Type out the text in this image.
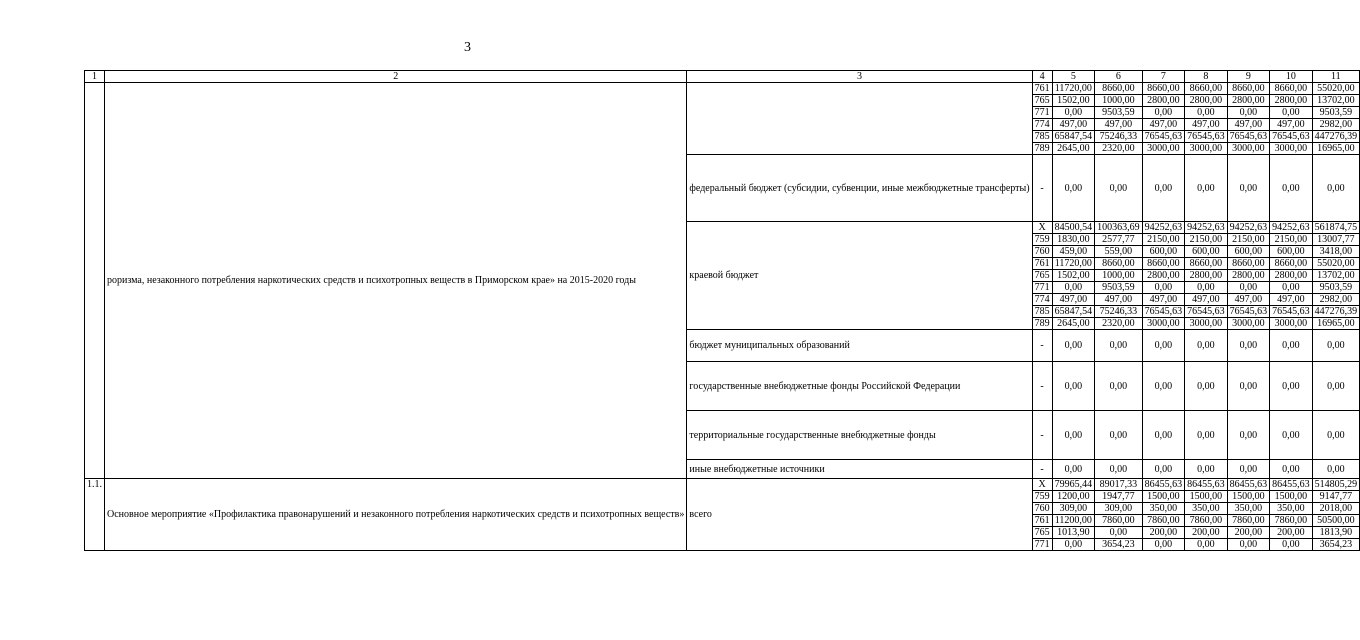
3
1	2	3	4	5	6	7	8	9	10	11
	роризма, незаконного потребления наркотических средств и психотропных веществ в Приморском крае» на 2015-2020 годы		761	11720,00	8660,00	8660,00	8660,00	8660,00	8660,00	55020,00
			765	1502,00	1000,00	2800,00	2800,00	2800,00	2800,00	13702,00
			771	0,00	9503,59	0,00	0,00	0,00	0,00	9503,59
			774	497,00	497,00	497,00	497,00	497,00	497,00	2982,00
			785	65847,54	75246,33	76545,63	76545,63	76545,63	76545,63	447276,39
			789	2645,00	2320,00	3000,00	3000,00	3000,00	3000,00	16965,00
		федеральный бюджет (субсидии, субвенции, иные межбюджетные трансферты)	-	0,00	0,00	0,00	0,00	0,00	0,00	0,00
		краевой бюджет	X	84500,54	100363,69	94252,63	94252,63	94252,63	94252,63	561874,75
			759	1830,00	2577,77	2150,00	2150,00	2150,00	2150,00	13007,77
			760	459,00	559,00	600,00	600,00	600,00	600,00	3418,00
			761	11720,00	8660,00	8660,00	8660,00	8660,00	8660,00	55020,00
			765	1502,00	1000,00	2800,00	2800,00	2800,00	2800,00	13702,00
			771	0,00	9503,59	0,00	0,00	0,00	0,00	9503,59
			774	497,00	497,00	497,00	497,00	497,00	497,00	2982,00
			785	65847,54	75246,33	76545,63	76545,63	76545,63	76545,63	447276,39
			789	2645,00	2320,00	3000,00	3000,00	3000,00	3000,00	16965,00
		бюджет муниципальных образований	-	0,00	0,00	0,00	0,00	0,00	0,00	0,00
		государственные внебюджетные фонды Российской Федерации	-	0,00	0,00	0,00	0,00	0,00	0,00	0,00
		территориальные государственные внебюджетные фонды	-	0,00	0,00	0,00	0,00	0,00	0,00	0,00
		иные внебюджетные источники	-	0,00	0,00	0,00	0,00	0,00	0,00	0,00
1.1.	Основное мероприятие «Профилактика правонарушений и незаконного потребления наркотических средств и психотропных веществ»	всего	X	79965,44	89017,33	86455,63	86455,63	86455,63	86455,63	514805,29
			759	1200,00	1947,77	1500,00	1500,00	1500,00	1500,00	9147,77
			760	309,00	309,00	350,00	350,00	350,00	350,00	2018,00
			761	11200,00	7860,00	7860,00	7860,00	7860,00	7860,00	50500,00
			765	1013,90	0,00	200,00	200,00	200,00	200,00	1813,90
			771	0,00	3654,23	0,00	0,00	0,00	0,00	3654,23
